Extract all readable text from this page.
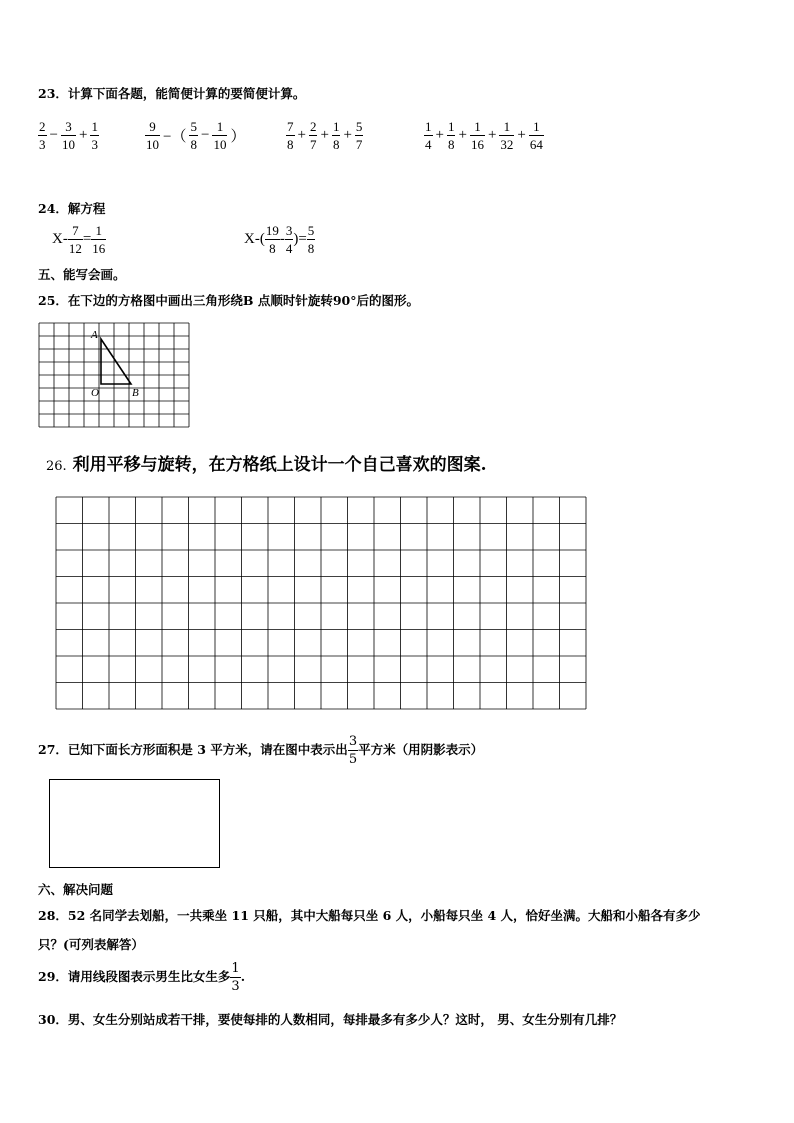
23．计算下面各题，能简便计算的要简便计算。
$\frac{2}{3} - \frac{3}{10} + \frac{1}{3}$	$\frac{9}{10}$ −（ $\frac{5}{8} - \frac{1}{10}$ ）	$\frac{7}{8} + \frac{2}{7} + \frac{1}{8} + \frac{5}{7}$	$\frac{1}{4} + \frac{1}{8} + \frac{1}{16} + \frac{1}{32} + \frac{1}{64}$
24．解方程
$X- \frac{7}{12} = \frac{1}{16}$	$X-( \frac{19}{8} - \frac{3}{4}$ )= $\frac{5}{8}$
五、能写会画。
25．在下边的方格图中画出三角形绕B 点顺时针旋转90°后的图形。
A
O	B
26. 利用平移与旋转，在方格纸上设计一个自己喜欢的图案.
27．已知下面长方形面积是 3 平方米，请在图中表示出 $\frac{3}{5}$ 平方米（用阴影表示）
六、解决问题
28．52 名同学去划船，一共乘坐 11 只船，其中大船每只坐 6 人，小船每只坐 4 人，恰好坐满。大船和小船各有多少
只？(可列表解答）
29．请用线段图表示男生比女生多 $\frac{1}{3}$ .
30．男、女生分别站成若干排，要使每排的人数相同，每排最多有多少人？这时， 男、女生分别有几排？
